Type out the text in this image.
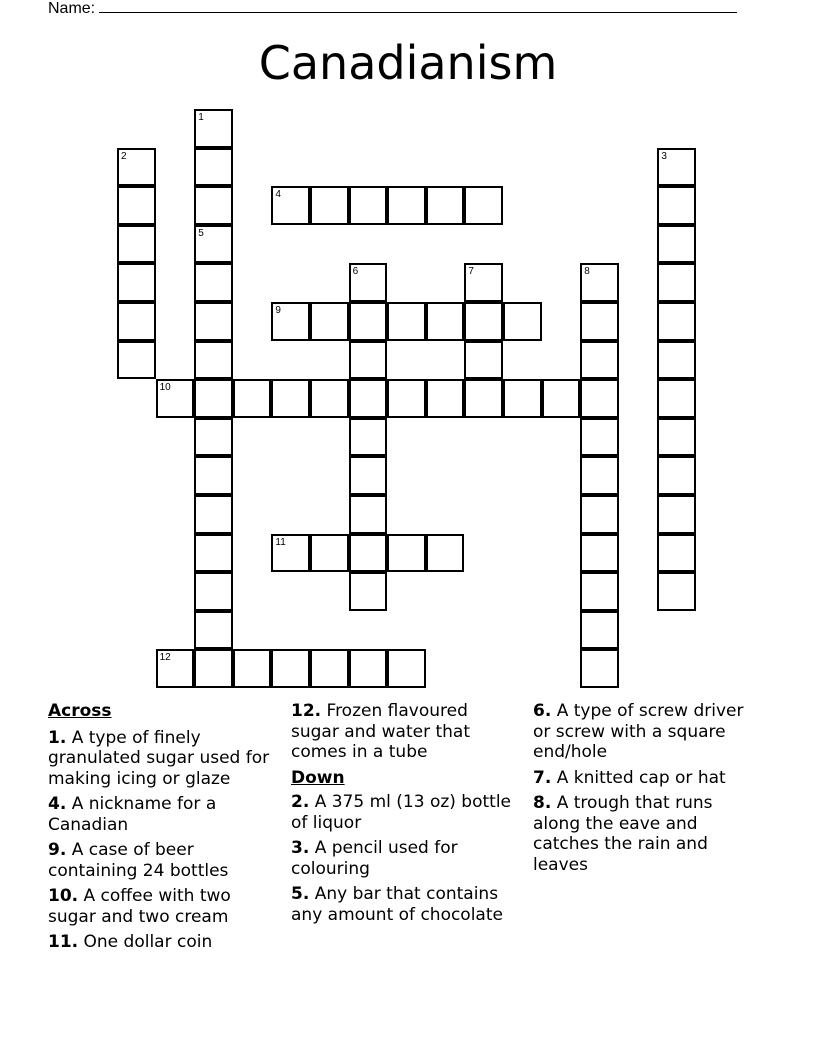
Name:
Canadianism
1
5
2	3
4
6	7	8
9
10
11
12
Across
1. A type of finely granulated sugar used for making icing or glaze
4. A nickname for a Canadian
9. A case of beer containing 24 bottles
10. A coffee with two sugar and two cream
11. One dollar coin
12. Frozen flavoured sugar and water that comes in a tube
Down
2. A 375 ml (13 oz) bottle of liquor
3. A pencil used for colouring
5. Any bar that contains any amount of chocolate
6. A type of screw driver or screw with a square end/hole
7. A knitted cap or hat
8. A trough that runs along the eave and catches the rain and leaves
